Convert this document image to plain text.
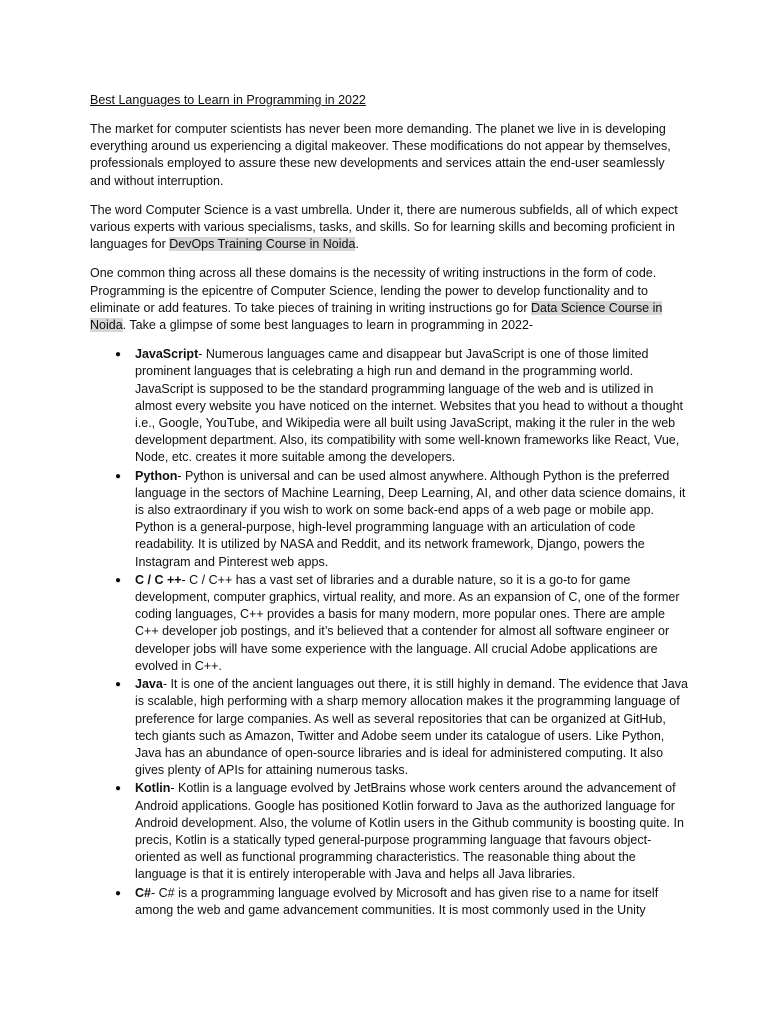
Best Languages to Learn in Programming in 2022

The market for computer scientists has never been more demanding. The planet we live in is developing everything around us experiencing a digital makeover. These modifications do not appear by themselves, professionals employed to assure these new developments and services attain the end-user seamlessly and without interruption.

The word Computer Science is a vast umbrella. Under it, there are numerous subfields, all of which expect various experts with various specialisms, tasks, and skills. So for learning skills and becoming proficient in languages for DevOps Training Course in Noida.

One common thing across all these domains is the necessity of writing instructions in the form of code. Programming is the epicentre of Computer Science, lending the power to develop functionality and to eliminate or add features. To take pieces of training in writing instructions go for Data Science Course in Noida. Take a glimpse of some best languages to learn in programming in 2022-

● JavaScript- Numerous languages came and disappear but JavaScript is one of those limited prominent languages that is celebrating a high run and demand in the programming world. JavaScript is supposed to be the standard programming language of the web and is utilized in almost every website you have noticed on the internet. Websites that you head to without a thought i.e., Google, YouTube, and Wikipedia were all built using JavaScript, making it the ruler in the web development department. Also, its compatibility with some well-known frameworks like React, Vue, Node, etc. creates it more suitable among the developers.
● Python- Python is universal and can be used almost anywhere. Although Python is the preferred language in the sectors of Machine Learning, Deep Learning, AI, and other data science domains, it is also extraordinary if you wish to work on some back-end apps of a web page or mobile app. Python is a general-purpose, high-level programming language with an articulation of code readability. It is utilized by NASA and Reddit, and its network framework, Django, powers the Instagram and Pinterest web apps.
● C / C ++- C / C++ has a vast set of libraries and a durable nature, so it is a go-to for game development, computer graphics, virtual reality, and more. As an expansion of C, one of the former coding languages, C++ provides a basis for many modern, more popular ones. There are ample C++ developer job postings, and it’s believed that a contender for almost all software engineer or developer jobs will have some experience with the language. All crucial Adobe applications are evolved in C++.
● Java- It is one of the ancient languages out there, it is still highly in demand. The evidence that Java is scalable, high performing with a sharp memory allocation makes it the programming language of preference for large companies. As well as several repositories that can be organized at GitHub, tech giants such as Amazon, Twitter and Adobe seem under its catalogue of users. Like Python, Java has an abundance of open-source libraries and is ideal for administered computing. It also gives plenty of APIs for attaining numerous tasks.
● Kotlin- Kotlin is a language evolved by JetBrains whose work centers around the advancement of Android applications. Google has positioned Kotlin forward to Java as the authorized language for Android development. Also, the volume of Kotlin users in the Github community is boosting quite. In precis, Kotlin is a statically typed general-purpose programming language that favours object-oriented as well as functional programming characteristics. The reasonable thing about the language is that it is entirely interoperable with Java and helps all Java libraries.
● C#- C# is a programming language evolved by Microsoft and has given rise to a name for itself among the web and game advancement communities. It is most commonly used in the Unity
